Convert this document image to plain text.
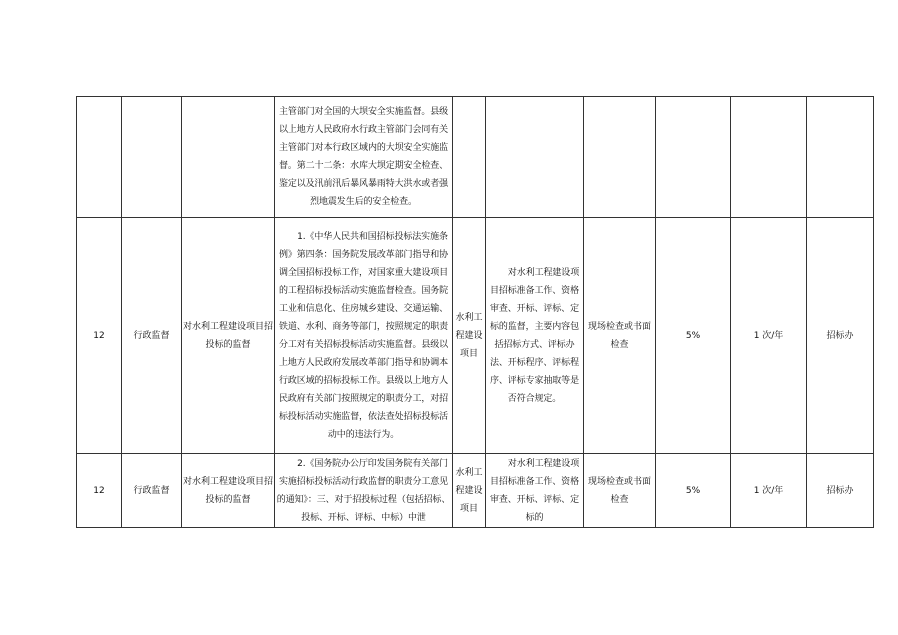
			主管部门对全国的大坝安全实施监督。县级以上地方人民政府水行政主管部门会同有关主管部门对本行政区域内的大坝安全实施监督。第二十二条：水库大坝定期安全检查、鉴定以及汛前汛后暴风暴雨特大洪水或者强烈地震发生后的安全检查。						
12	行政监督	对水利工程建设项目招投标的监督	1.《中华人民共和国招标投标法实施条例》第四条：国务院发展改革部门指导和协调全国招标投标工作，对国家重大建设项目的工程招标投标活动实施监督检查。国务院工业和信息化、住房城乡建设、交通运输、铁道、水利、商务等部门，按照规定的职责分工对有关招标投标活动实施监督。县级以上地方人民政府发展改革部门指导和协调本行政区域的招标投标工作。县级以上地方人民政府有关部门按照规定的职责分工，对招标投标活动实施监督，依法查处招标投标活动中的违法行为。	水利工程建设项目	对水利工程建设项目招标准备工作、资格审查、开标、评标、定标的监督，主要内容包括招标方式、评标办法、开标程序、评标程序、评标专家抽取等是否符合规定。	现场检查或书面检查	5%	1 次/年	招标办
12	行政监督	对水利工程建设项目招投标的监督	2.《国务院办公厅印发国务院有关部门实施招标投标活动行政监督的职责分工意见的通知》：三、对于招投标过程（包括招标、投标、开标、评标、中标）中泄	水利工程建设项目	对水利工程建设项目招标准备工作、资格审查、开标、评标、定标的	现场检查或书面检查	5%	1 次/年	招标办
